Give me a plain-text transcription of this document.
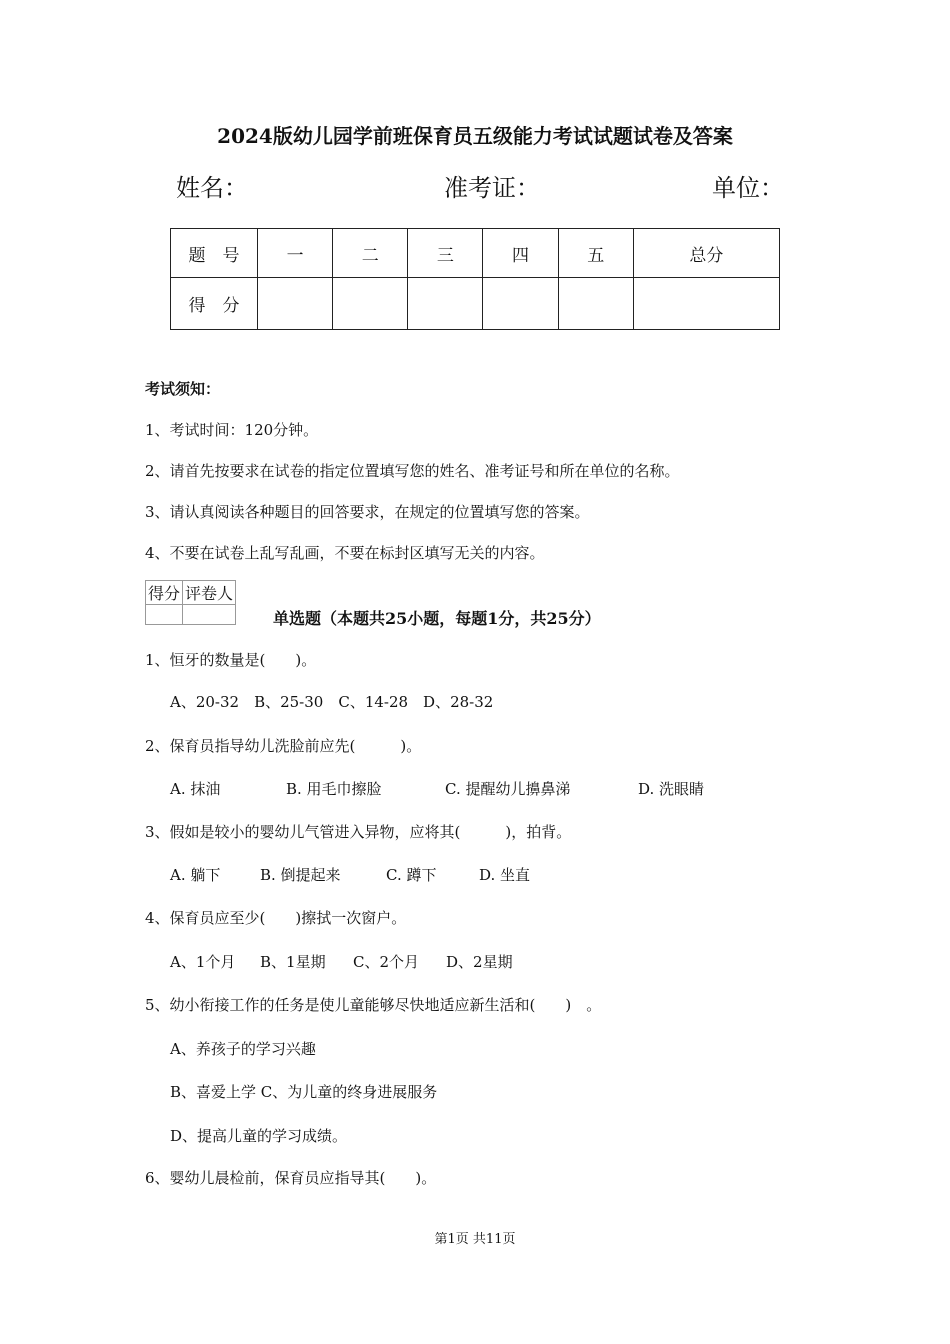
2024版幼儿园学前班保育员五级能力考试试题试卷及答案
姓名：	准考证：	单位：
题　号	一	二	三	四	五	总分
得　分						
考试须知：
1、考试时间：120分钟。
2、请首先按要求在试卷的指定位置填写您的姓名、准考证号和所在单位的名称。
3、请认真阅读各种题目的回答要求，在规定的位置填写您的答案。
4、不要在试卷上乱写乱画，不要在标封区填写无关的内容。
得分	评卷人

单选题（本题共25小题，每题1分，共25分）
1、恒牙的数量是(　　)。
A、20-32　B、25-30　C、14-28　D、28-32
2、保育员指导幼儿洗脸前应先(　　　)。
A. 抹油	B. 用毛巾擦脸	C. 提醒幼儿擤鼻涕	D. 洗眼睛
3、假如是较小的婴幼儿气管进入异物，应将其(　　　)，拍背。
A. 躺下	B. 倒提起来	C. 蹲下	D. 坐直
4、保育员应至少(　　)擦拭一次窗户。
A、1个月 B、1星期 C、2个月 D、2星期
5、幼小衔接工作的任务是使儿童能够尽快地适应新生活和(　　)　。
A、养孩子的学习兴趣
B、喜爱上学 C、为儿童的终身进展服务
D、提高儿童的学习成绩。
6、婴幼儿晨检前，保育员应指导其(　　)。
第1页 共11页
